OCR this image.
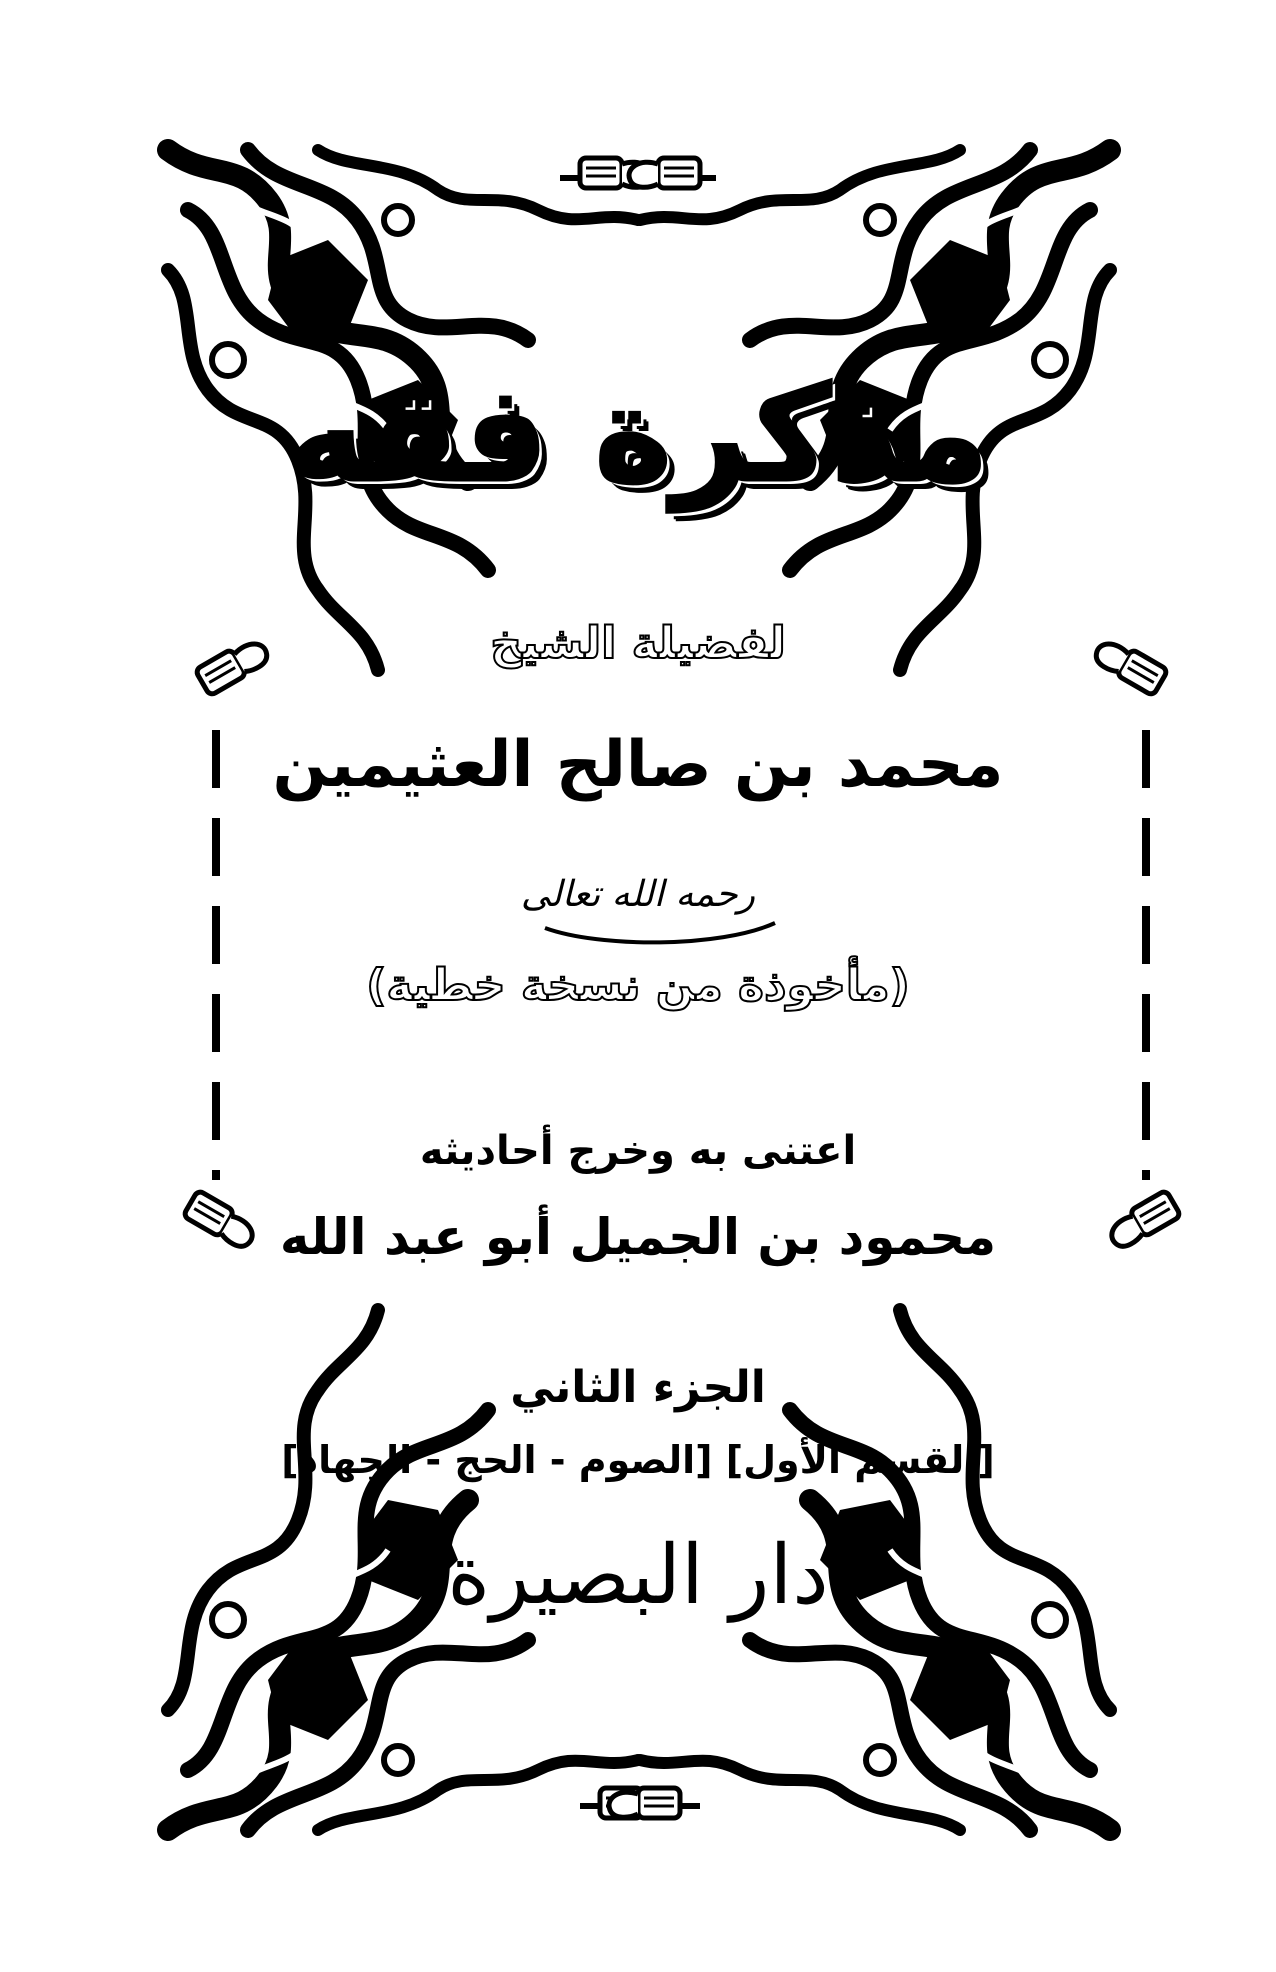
مذكرة فقه
لفضيلة الشيخ
محمد بن صالح العثيمين
رحمه الله تعالى
(مأخوذة من نسخة خطية)
اعتنى به وخرج أحاديثه
محمود بن الجميل أبو عبد الله
الجزء الثاني
[القسم الأول] [الصوم - الحج - الجهاد]
دار البصيرة
